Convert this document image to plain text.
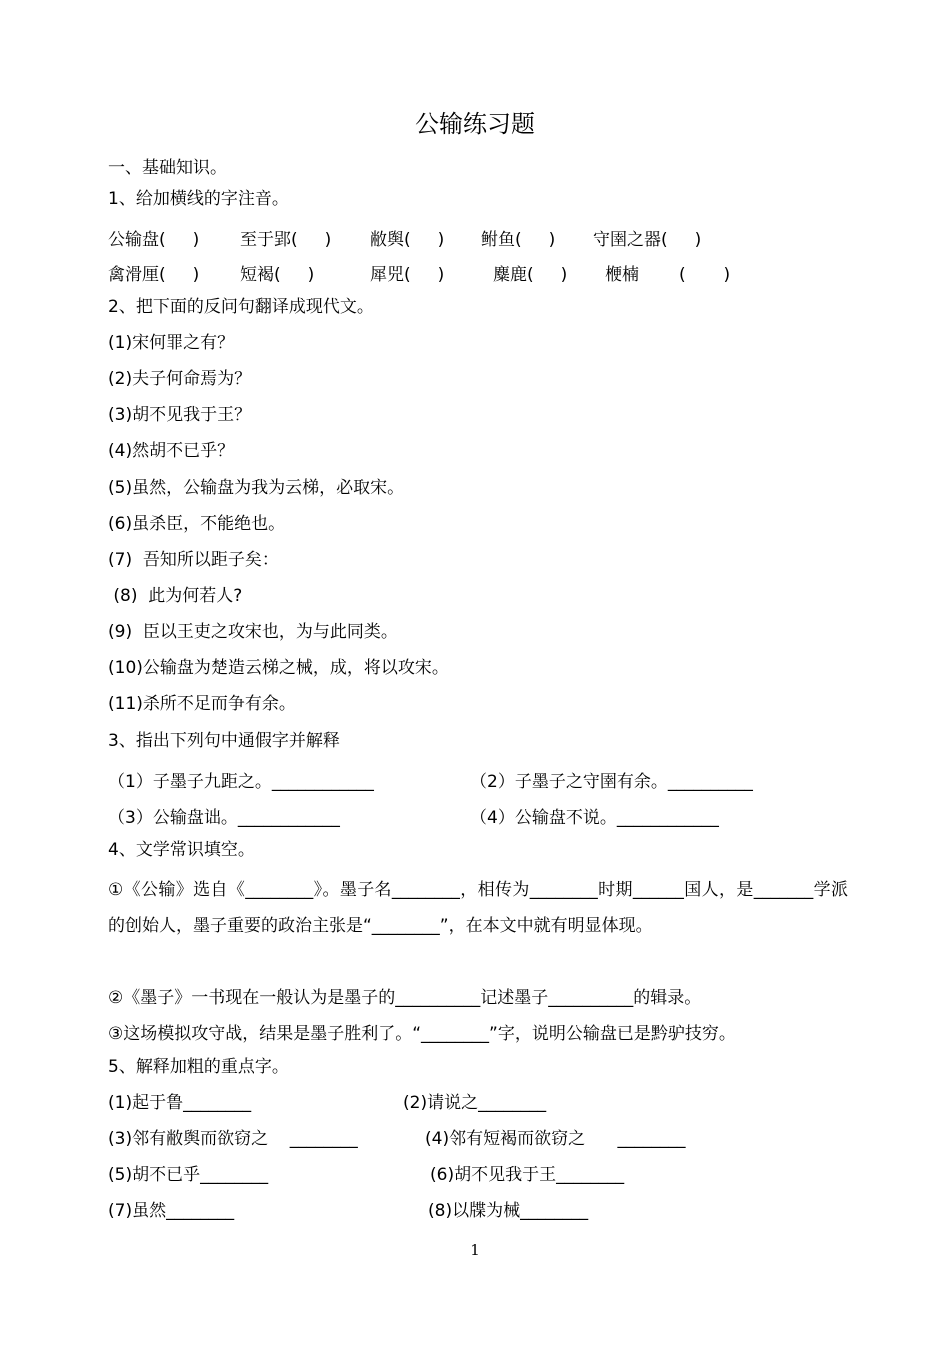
公输练习题
一、基础知识。
1、给加横线的字注音。
公输盘(     ) 至于郢(     ) 敝舆(     ) 鲋鱼(     ) 守圉之器(     )
禽滑厘(     ) 短褐(     )	犀兕(     )	麋鹿(     ) 楩楠 (       )
2、把下面的反问句翻译成现代文。
(1)宋何罪之有？
(2)夫子何命焉为？
(3)胡不见我于王？
(4)然胡不已乎？
(5)虽然，公输盘为我为云梯，必取宋。
(6)虽杀臣，不能绝也。
(7)  吾知所以距子矣：
(8)  此为何若人?
(9)  臣以王吏之攻宋也，为与此同类。
(10)公输盘为楚造云梯之械，成，将以攻宋。
(11)杀所不足而争有余。
3、指出下列句中通假字并解释
（1）子墨子九距之。____________	（2）子墨子之守圉有余。__________
（3）公输盘诎。____________	（4）公输盘不说。____________
4、文学常识填空。
①《公输》选自《________》。墨子名________，相传为________时期______国人，是_______学派的创始人，墨子重要的政治主张是“________”，在本文中就有明显体现。
②《墨子》一书现在一般认为是墨子的__________记述墨子__________的辑录。
③这场模拟攻守战，结果是墨子胜利了。“________”字，说明公输盘已是黔驴技穷。
5、解释加粗的重点字。
(1)起于鲁________	(2)请说之________
(3)邻有敝舆而欲窃之    ________	(4)邻有短褐而欲窃之      ________
(5)胡不已乎________	(6)胡不见我于王________
(7)虽然________	(8)以牒为械________
1
